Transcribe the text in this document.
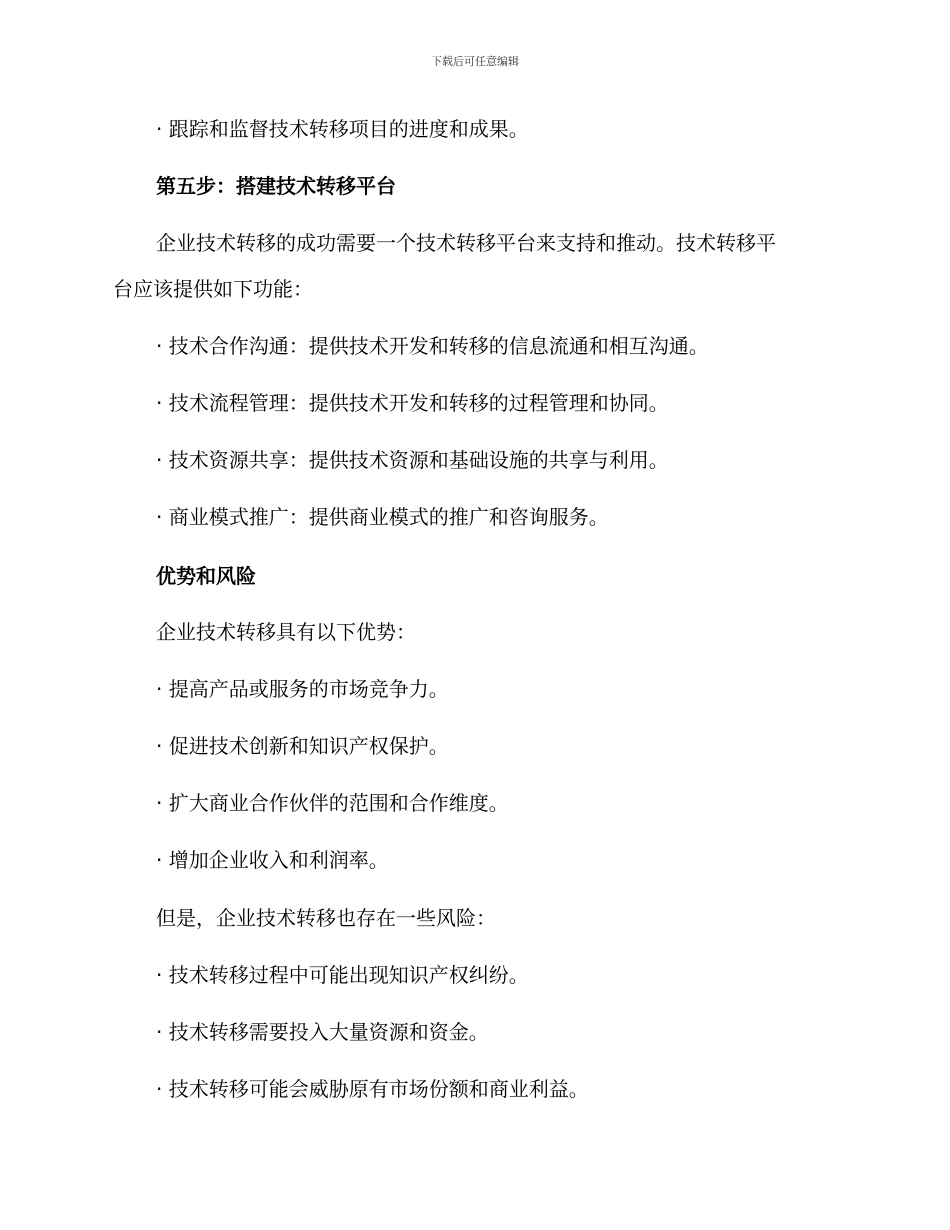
下载后可任意编辑
· 跟踪和监督技术转移项目的进度和成果。
第五步：搭建技术转移平台
企业技术转移的成功需要一个技术转移平台来支持和推动。技术转移平
台应该提供如下功能：
· 技术合作沟通：提供技术开发和转移的信息流通和相互沟通。
· 技术流程管理：提供技术开发和转移的过程管理和协同。
· 技术资源共享：提供技术资源和基础设施的共享与利用。
· 商业模式推广：提供商业模式的推广和咨询服务。
优势和风险
企业技术转移具有以下优势：
· 提高产品或服务的市场竞争力。
· 促进技术创新和知识产权保护。
· 扩大商业合作伙伴的范围和合作维度。
· 增加企业收入和利润率。
但是，企业技术转移也存在一些风险：
· 技术转移过程中可能出现知识产权纠纷。
· 技术转移需要投入大量资源和资金。
· 技术转移可能会威胁原有市场份额和商业利益。
